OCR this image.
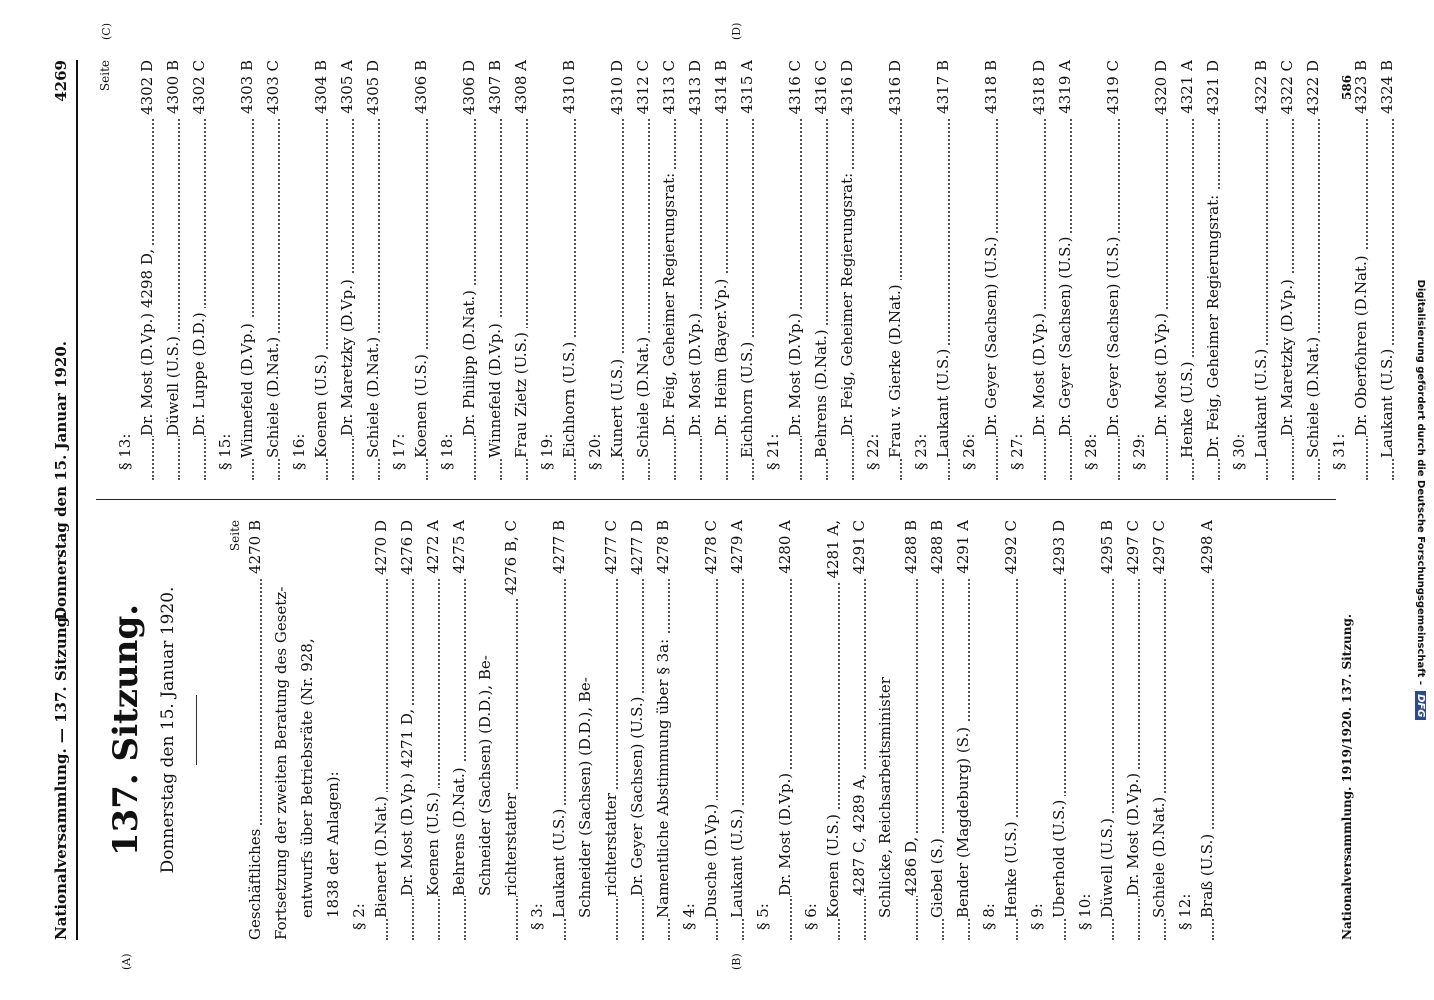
Nationalversammlung. — 137. Sitzung.
Donnerstag den 15. Januar 1920.
4269
(A)	(B)
(C)	(D)
137. Sitzung. Donnerstag den 15. Januar 1920.
Seite
Geschäftliches
4270 B
Fortsetzung der zweiten Beratung des Gesetz- entwurfs über Betriebsräte (Nr. 928, 1838 der Anlagen): § 2: Bienert (D.Nat.)
4270 D
Dr. Most (D.Vp.) 4271 D,
4276 D
Koenen (U.S.)
4272 A
Behrens (D.Nat.)
4275 A
Schneider (Sachsen) (D.D.), Be- richterstatter
4276 B, C
§ 3: Laukant (U.S.)
4277 B
Schneider (Sachsen) (D.D.), Be- richterstatter
4277 C
Dr. Geyer (Sachsen) (U.S.)
4277 D
Namentliche Abstimmung über § 3a:
4278 B
§ 4: Dusche (D.Vp.)
4278 C
Laukant (U.S.)
4279 A
§ 5:
Dr. Most (D.Vp.)
4280 A
§ 6: Koenen (U.S.)
4281 A,
4287 C, 4289 A,
4291 C
Schlicke, Reichsarbeitsminister 4286 D,
4288 B
Giebel (S.)
4288 B
Bender (Magdeburg) (S.)
4291 A
§ 8: Henke (U.S.)
4292 C
§ 9: Uberhold (U.S.)
4293 D
§ 10: Düwell (U.S.)
4295 B
Dr. Most (D.Vp.)
4297 C
Schiele (D.Nat.)
4297 C
§ 12: Braß (U.S.)
4298 A
Seite
§ 13:
Dr. Most (D.Vp.) 4298 D,
4302 D
Düwell (U.S.)
4300 B
Dr. Luppe (D.D.)
4302 C
§ 15: Winnefeld (D.Vp.)
4303 B
Schiele (D.Nat.)
4303 C
§ 16: Koenen (U.S.)
4304 B
Dr. Maretzky (D.Vp.)
4305 A
Schiele (D.Nat.)
4305 D
§ 17: Koenen (U.S.)
4306 B
§ 18:
Dr. Philipp (D.Nat.)
4306 D
Winnefeld (D.Vp.)
4307 B
Frau Zietz (U.S.)
4308 A
§ 19: Eichhorn (U.S.)
4310 B
§ 20: Kunert (U.S.)
4310 D
Schiele (D.Nat.)
4312 C
Dr. Feig, Geheimer Regierungsrat:
4313 C
Dr. Most (D.Vp.)
4313 D
Dr. Heim (Bayer.Vp.)
4314 B
Eichhorn (U.S.)
4315 A
§ 21:
Dr. Most (D.Vp.)
4316 C
Behrens (D.Nat.)
4316 C
Dr. Feig, Geheimer Regierungsrat:
4316 D
§ 22: Frau v. Gierke (D.Nat.)
4316 D
§ 23: Laukant (U.S.)
4317 B
§ 26:
Dr. Geyer (Sachsen) (U.S.)
4318 B
§ 27:
Dr. Most (D.Vp.)
4318 D
Dr. Geyer (Sachsen) (U.S.)
4319 A
§ 28:
Dr. Geyer (Sachsen) (U.S.)
4319 C
§ 29:
Dr. Most (D.Vp.)
4320 D
Henke (U.S.)
4321 A
Dr. Feig, Geheimer Regierungsrat:
4321 D
§ 30: Laukant (U.S.)
4322 B
Dr. Maretzky (D.Vp.)
4322 C
Schiele (D.Nat.)
4322 D
§ 31:
Dr. Oberfohren (D.Nat.)
4323 B
Laukant (U.S.)
4324 B
Nationalversammlung. 1919/1920. 137. Sitzung.
586
Digitalisierung gefördert durch die Deutsche Forschungsgemeinschaft -DFG
